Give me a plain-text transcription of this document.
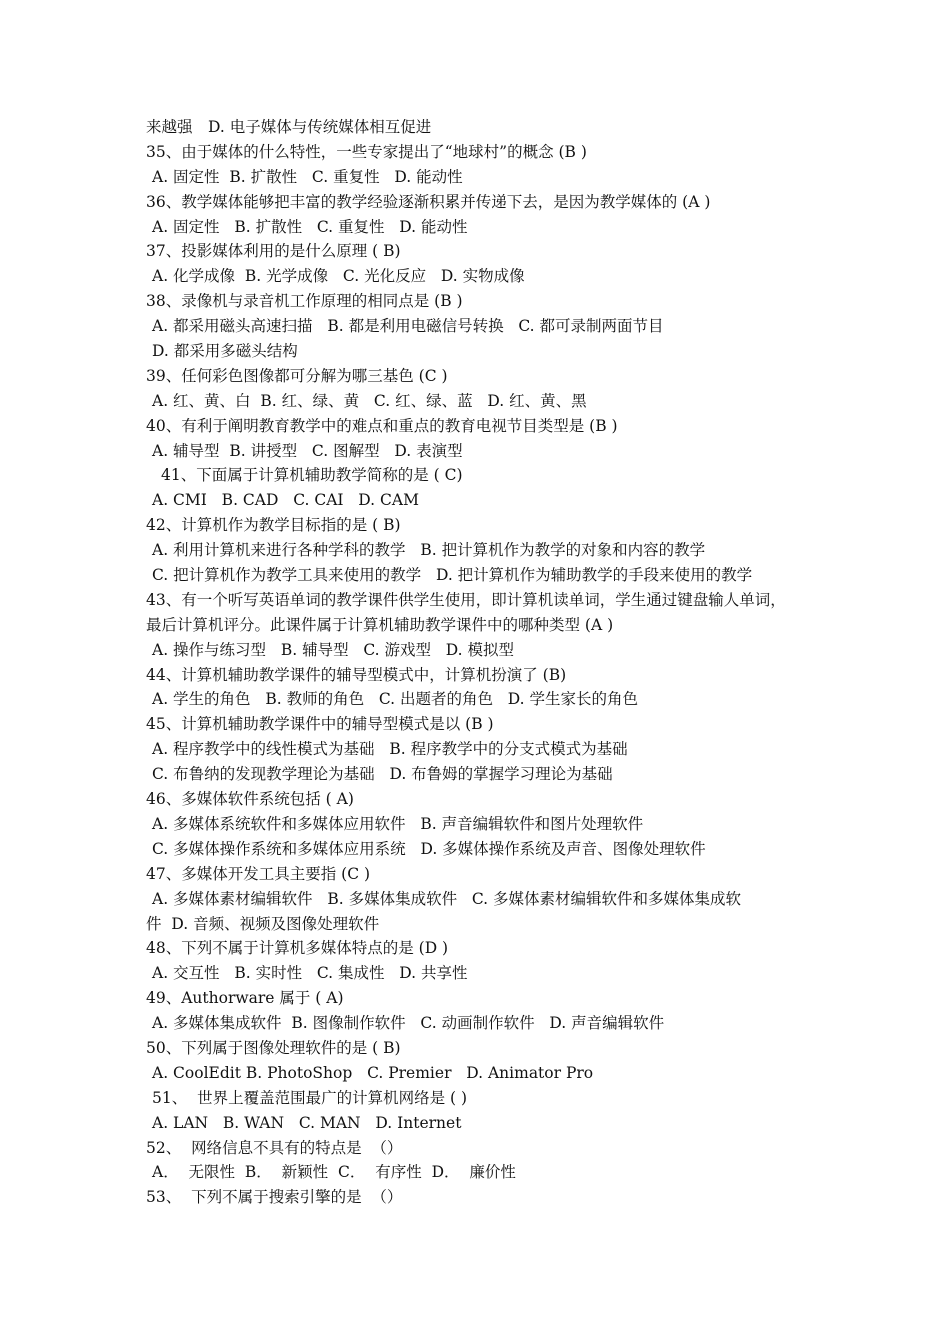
来越强　D. 电子媒体与传统媒体相互促进
35、由于媒体的什么特性，一些专家提出了“地球村”的概念 (B )
A. 固定性  B. 扩散性   C. 重复性   D. 能动性
36、教学媒体能够把丰富的教学经验逐渐积累并传递下去，是因为教学媒体的 (A )
A. 固定性   B. 扩散性   C. 重复性   D. 能动性
37、投影媒体利用的是什么原理 ( B)
A. 化学成像  B. 光学成像   C. 光化反应   D. 实物成像
38、录像机与录音机工作原理的相同点是 (B )
A. 都采用磁头高速扫描   B. 都是利用电磁信号转换   C. 都可录制两面节目
D. 都采用多磁头结构
39、任何彩色图像都可分解为哪三基色 (C )
A. 红、黄、白  B. 红、绿、黄   C. 红、绿、蓝   D. 红、黄、黑
40、有利于阐明教育教学中的难点和重点的教育电视节目类型是 (B )
A. 辅导型  B. 讲授型   C. 图解型   D. 表演型
41、下面属于计算机辅助教学简称的是 ( C)
A. CMI   B. CAD   C. CAI   D. CAM
42、计算机作为教学目标指的是 ( B)
A. 利用计算机来进行各种学科的教学   B. 把计算机作为教学的对象和内容的教学
C. 把计算机作为教学工具来使用的教学   D. 把计算机作为辅助教学的手段来使用的教学
43、有一个听写英语单词的教学课件供学生使用，即计算机读单词，学生通过键盘输人单词，
最后计算机评分。此课件属于计算机辅助教学课件中的哪种类型 (A )
A. 操作与练习型   B. 辅导型   C. 游戏型   D. 模拟型
44、计算机辅助教学课件的辅导型模式中，计算机扮演了 (B)
A. 学生的角色   B. 教师的角色   C. 出题者的角色   D. 学生家长的角色
45、计算机辅助教学课件中的辅导型模式是以 (B )
A. 程序教学中的线性模式为基础   B. 程序教学中的分支式模式为基础
C. 布鲁纳的发现教学理论为基础   D. 布鲁姆的掌握学习理论为基础
46、多媒体软件系统包括 ( A)
A. 多媒体系统软件和多媒体应用软件   B. 声音编辑软件和图片处理软件
C. 多媒体操作系统和多媒体应用系统   D. 多媒体操作系统及声音、图像处理软件
47、多媒体开发工具主要指 (C )
A. 多媒体素材编辑软件   B. 多媒体集成软件   C. 多媒体素材编辑软件和多媒体集成软
件  D. 音频、视频及图像处理软件
48、下列不属于计算机多媒体特点的是 (D )
A. 交互性   B. 实时性   C. 集成性   D. 共享性
49、Authorware 属于 ( A)
A. 多媒体集成软件  B. 图像制作软件   C. 动画制作软件   D. 声音编辑软件
50、下列属于图像处理软件的是 ( B)
A. CoolEdit B. PhotoShop   C. Premier   D. Animator Pro
51、  世界上覆盖范围最广的计算机网络是 ( )
A. LAN   B. WAN   C. MAN   D. Internet
52、  网络信息不具有的特点是  （）
A．  无限性  B．  新颖性  C．  有序性  D．  廉价性
53、  下列不属于搜索引擎的是  （）
